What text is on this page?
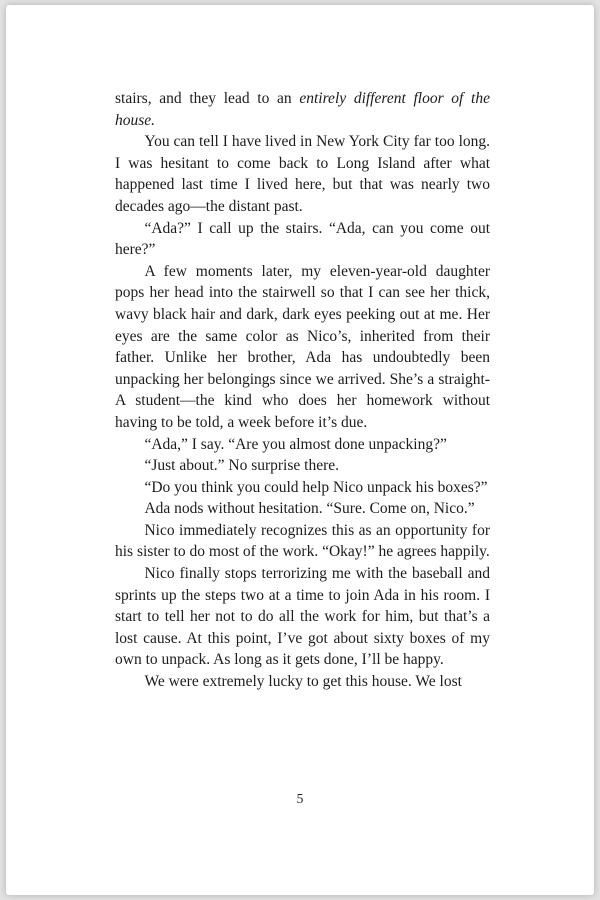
stairs, and they lead to an entirely different floor of the house.

You can tell I have lived in New York City far too long. I was hesitant to come back to Long Island after what happened last time I lived here, but that was nearly two decades ago—the distant past.

“Ada?” I call up the stairs. “Ada, can you come out here?”

A few moments later, my eleven-year-old daughter pops her head into the stairwell so that I can see her thick, wavy black hair and dark, dark eyes peeking out at me. Her eyes are the same color as Nico’s, inherited from their father. Unlike her brother, Ada has undoubtedly been unpacking her belongings since we arrived. She’s a straight-A student—the kind who does her homework without having to be told, a week before it’s due.

“Ada,” I say. “Are you almost done unpacking?”

“Just about.” No surprise there.

“Do you think you could help Nico unpack his boxes?”

Ada nods without hesitation. “Sure. Come on, Nico.”

Nico immediately recognizes this as an opportunity for his sister to do most of the work. “Okay!” he agrees happily.

Nico finally stops terrorizing me with the baseball and sprints up the steps two at a time to join Ada in his room. I start to tell her not to do all the work for him, but that’s a lost cause. At this point, I’ve got about sixty boxes of my own to unpack. As long as it gets done, I’ll be happy.

We were extremely lucky to get this house. We lost

5
